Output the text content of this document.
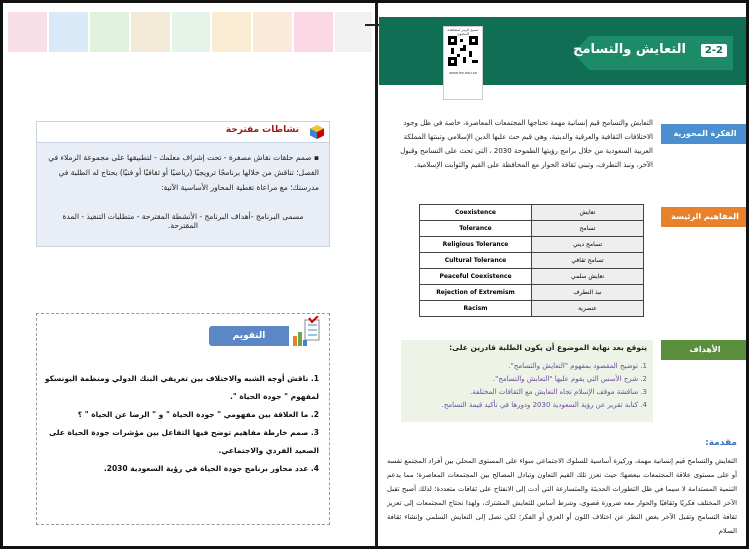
نشاطات مقترحة
▪ صمم حلقات نقاش مصغرة - تحت إشراف معلمك - لتطبيقها على مجموعة الزملاء في الفصل؛ تناقش من خلالها برنامجًا ترويجيًا (رياضيًا أو ثقافيًا أو فنيًا) يحتاج له الطلبة في مدرستك؛ مع مراعاة تغطية المحاور الأساسية الآتية:
مسمى البرنامج -أهداف البرنامج - الأنشطة المقترحة - متطلبات التنفيذ - المدة المقترحة.
التقويم
1. ناقش أوجه الشبه والاختلاف بين تعريفي البنك الدولي ومنظمة اليونسكو لمفهوم " جودة الحياة ".
2. ما العلاقة بين مفهومي " جودة الحياة " و " الرضا عن الحياة " ؟
3. صمم خارطة مفاهيم توضح فيها التفاعل بين مؤشرات جودة الحياة على الصعيد الفردي والاجتماعي.
4. عدد محاور برنامج جودة الحياة في رؤية السعودية 2030.
التعايش والتسامح	2-2
امسح الرمز لمشاهدة المحتوى
www.ien.edu.sa
الفكرة المحورية
التعايش والتسامح قيم إنسانية مهمة تحتاجها المجتمعات المعاصرة، خاصة في ظل وجود الاختلافات الثقافية والعرقية والدينية، وهي قيم حث عليها الدين الإسلامي وتبنتها المملكة العربية السعودية من خلال برامج رؤيتها الطموحة 2030 ، التي تحث على التسامح وقبول الآخر، ونبذ التطرف، وتبني ثقافة الحوار مع المحافظة على القيم والثوابت الإسلامية.
المفاهيم الرئيسة
Coexistence	تعايش
Tolerance	تسامح
Religious Tolerance	تسامح ديني
Cultural Tolerance	تسامح ثقافي
Peaceful Coexistence	تعايش سلمي
Rejection of Extremism	نبذ التطرف
Racism	عنصرية
الأهداف
يتوقع بعد نهاية الموضوع أن يكون الطلبة قادرين على:
1. توضيح المقصود بمفهوم "التعايش والتسامح".
2. شرح الأسس التي يقوم عليها "التعايش والتسامح".
3. مناقشة موقف الإسلام تجاه التعايش مع الثقافات المختلفة.
4. كتابة تقرير عن رؤية السعودية 2030 ودورها في تأكيد قيمة التسامح.
مقدمة:
التعايش والتسامح قيم إنسانية مهمة، وركيزة أساسية للسلوك الاجتماعي سواء على المستوى المحلي بين أفراد المجتمع نفسه أو على مستوى علاقة المجتمعات ببعضها؛ حيث تعزز تلك القيم التعاون وتبادل المصالح بين المجتمعات المعاصرة؛ مما يدعم التنمية المستدامة لا سيما في ظل التطورات الحديثة والمتسارعة التي أدت إلى الانفتاح على ثقافات متعددة؛ لذلك أصبح تقبل الآخر المختلف فكريًا وثقافيًا والحوار معه ضرورة قصوى، وشرط أساس للتعايش المشترك، ولهذا نحتاج المجتمعات إلى تعزيز ثقافة التسامح وتقبل الآخر بغض النظر عن اختلاف اللون أو العرق أو الفكر؛ لكي تصل إلى التعايش السلمي وإنشاء ثقافة السلام
